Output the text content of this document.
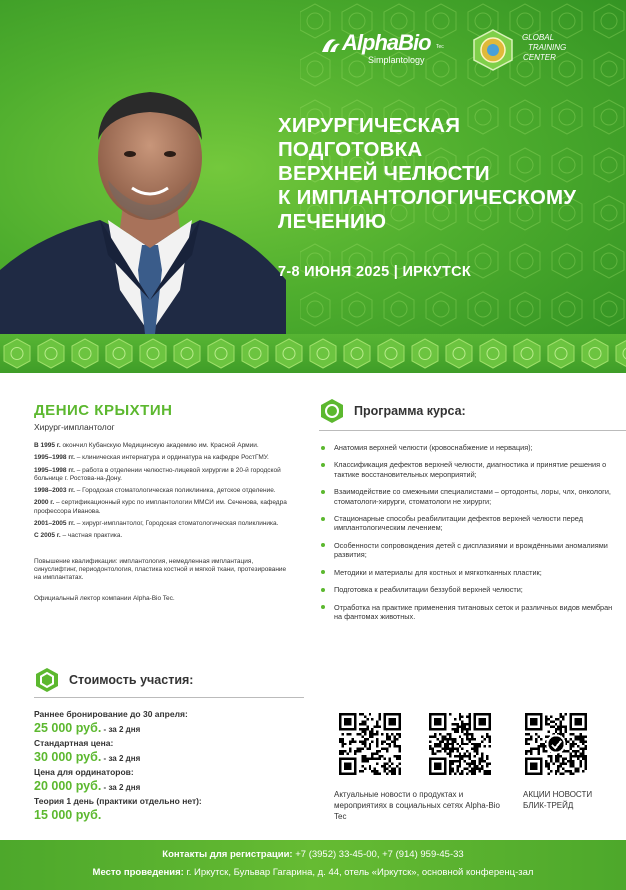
AlphaBio Tec
Simplantology
GLOBAL
TRAINING
CENTER
ХИРУРГИЧЕСКАЯ
ПОДГОТОВКА
ВЕРХНЕЙ ЧЕЛЮСТИ
К ИМПЛАНТОЛОГИЧЕСКОМУ
ЛЕЧЕНИЮ
7-8 ИЮНЯ 2025 | ИРКУТСК
ДЕНИС КРЫХТИН
Хирург-имплантолог
В 1995 г. окончил Кубанскую Медицинскую академию им. Красной Армии.
1995–1998 гг. – клиническая интернатура и ординатура на кафедре РостГМУ.
1995–1998 гг. – работа в отделении челюстно-лицевой хирургии в 20-й городской больнице г. Ростова-на-Дону.
1998–2003 гг. – Городская стоматологическая поликлиника, детское отделение.
2000 г. – сертификационный курс по имплантологии ММСИ им. Сеченова, кафедра профессора Иванова.
2001–2005 гг. – хирург-имплантолог, Городская стоматологическая поликлиника.
С 2005 г. – частная практика.
Повышение квалификации: имплантология, немедленная имплантация, синуслифтинг, периодонтология, пластика костной и мягкой ткани, протезирование на имплантатах.
Официальный лектор компании Alpha-Bio Tec.
Стоимость участия:
Раннее бронирование до 30 апреля:
25 000 руб. - за 2 дня
Стандартная цена:
30 000 руб. - за 2 дня
Цена для ординаторов:
20 000 руб. - за 2 дня
Теория 1 день (практики отдельно нет):
15 000 руб.
Программа курса:
Анатомия верхней челюсти (кровоснабжение и нервация);
Классификация дефектов верхней челюсти, диагностика и принятие решения о тактике восстановительных мероприятий;
Взаимодействие со смежными специалистами – ортодонты, лоры, члх, онкологи, стоматологи-хирурги, стоматологи не хирурги;
Стационарные способы реабилитации дефектов верхней челюсти перед имплантологическим лечением;
Особенности сопровождения детей с дисплазиями и врождёнными аномалиями развития;
Методики и материалы для костных и мягкотканных пластик;
Подготовка к реабилитации беззубой верхней челюсти;
Отработка на практике применения титановых сеток и различных видов мембран на фантомах животных.
Актуальные новости о продуктах и мероприятиях в социальных сетях Alpha-Bio Tec
АКЦИИ НОВОСТИ БЛИК-ТРЕЙД
Контакты для регистрации: +7 (3952) 33-45-00, +7 (914) 959-45-33
Место проведения: г. Иркутск, Бульвар Гагарина, д. 44, отель «Иркутск», основной конференц-зал
